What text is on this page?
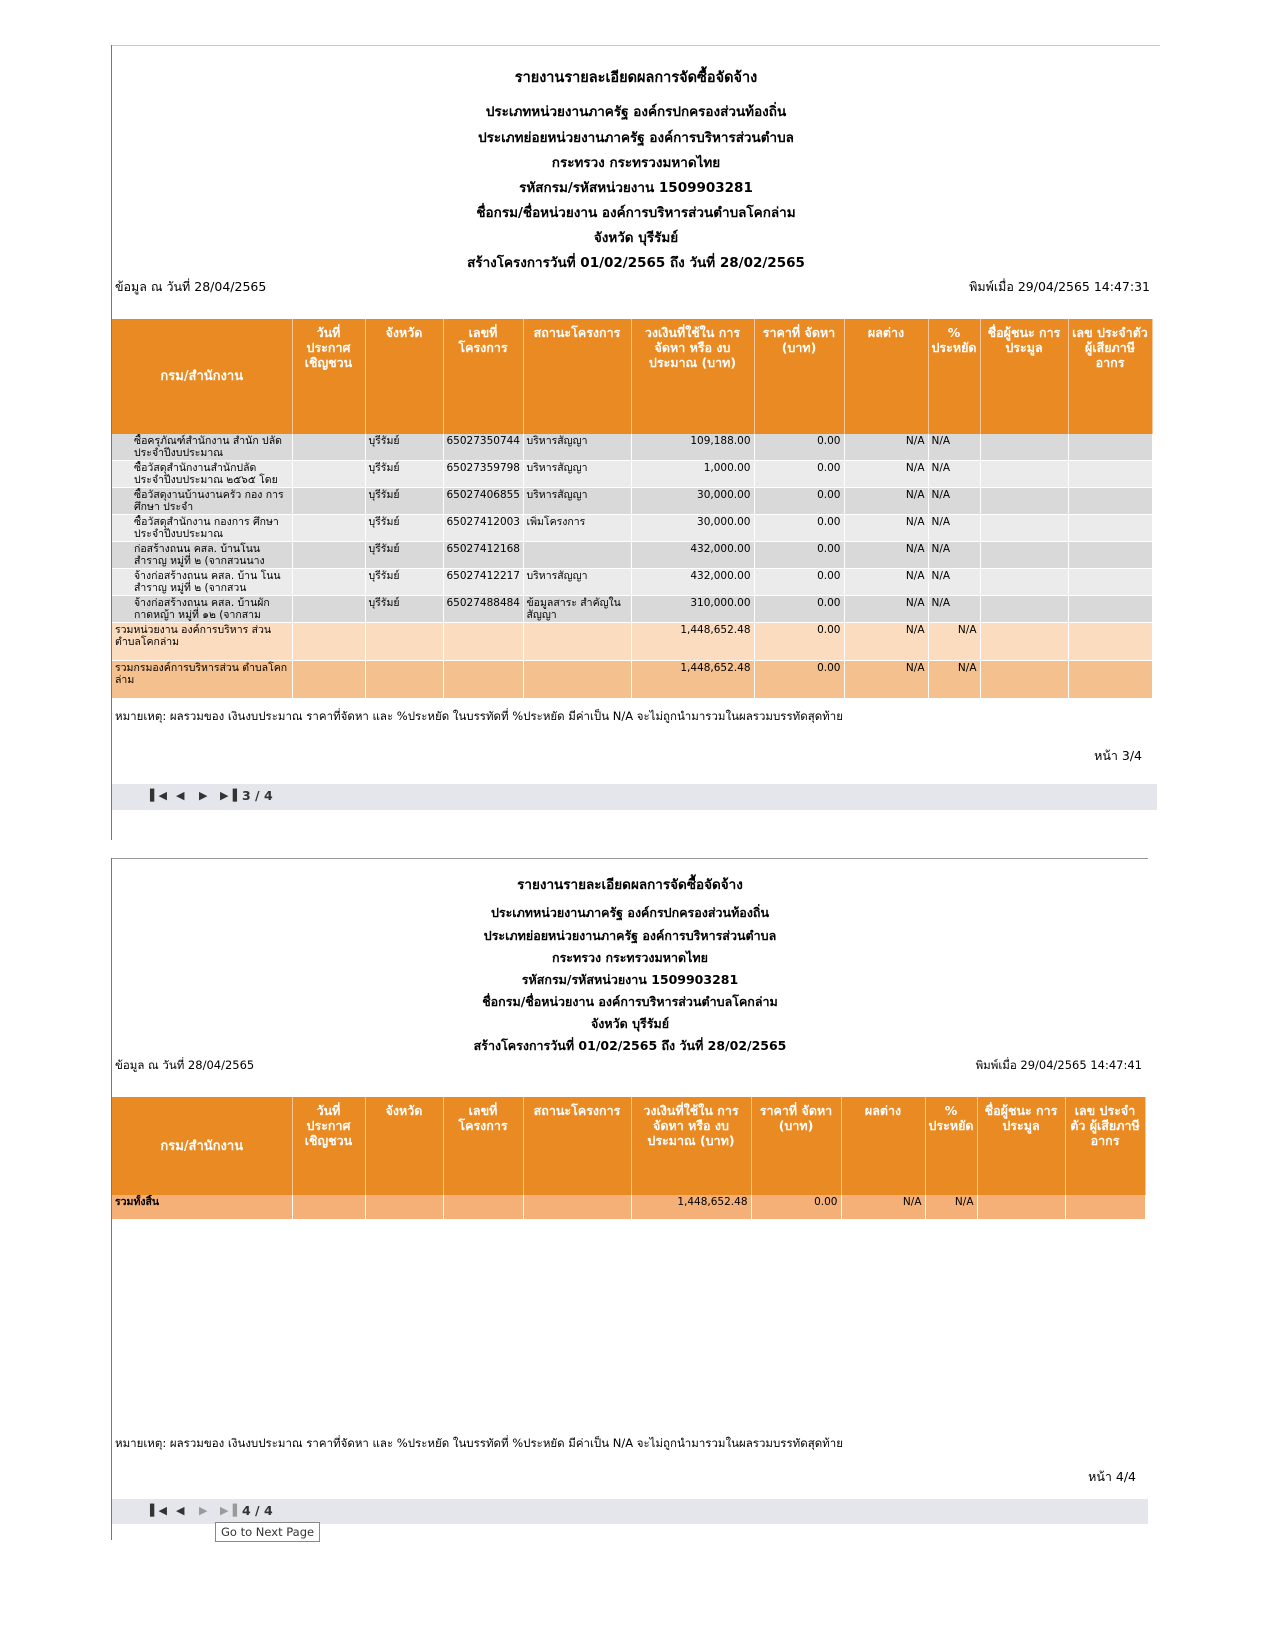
รายงานรายละเอียดผลการจัดซื้อจัดจ้าง
ประเภทหน่วยงานภาครัฐ องค์กรปกครองส่วนท้องถิ่น
ประเภทย่อยหน่วยงานภาครัฐ องค์การบริหารส่วนตำบล
กระทรวง กระทรวงมหาดไทย
รหัสกรม/รหัสหน่วยงาน 1509903281
ชื่อกรม/ชื่อหน่วยงาน องค์การบริหารส่วนตำบลโคกล่าม
จังหวัด บุรีรัมย์
สร้างโครงการวันที่ 01/02/2565 ถึง วันที่ 28/02/2565
ข้อมูล ณ วันที่ 28/04/2565	พิมพ์เมื่อ 29/04/2565 14:47:31
กรม/สำนักงาน	วันที่ ประกาศ เชิญชวน	จังหวัด	เลขที่ โครงการ	สถานะโครงการ	วงเงินที่ใช้ใน การจัดหา หรือ งบประมาณ (บาท)	ราคาที่ จัดหา (บาท)	ผลต่าง	% ประหยัด	ชื่อผู้ชนะ การประมูล	เลข ประจำตัว ผู้เสียภาษี อากร
ซื้อครุภัณฑ์สำนักงาน สำนัก ปลัด ประจำปีงบประมาณ		บุรีรัมย์	65027350744	บริหารสัญญา	109,188.00	0.00	N/A	N/A		
ซื้อวัสดุสำนักงานสำนักปลัด ประจำปีงบประมาณ ๒๕๖๕ โดย		บุรีรัมย์	65027359798	บริหารสัญญา	1,000.00	0.00	N/A	N/A		
ซื้อวัสดุงานบ้านงานครัว กอง การศึกษา ประจำ		บุรีรัมย์	65027406855	บริหารสัญญา	30,000.00	0.00	N/A	N/A		
ซื้อวัสดุสำนักงาน กองการ ศึกษา ประจำปีงบประมาณ		บุรีรัมย์	65027412003	เพิ่มโครงการ	30,000.00	0.00	N/A	N/A		
ก่อสร้างถนน คสล. บ้านโนน สำราญ หมู่ที่ ๒ (จากสวนนาง		บุรีรัมย์	65027412168		432,000.00	0.00	N/A	N/A		
จ้างก่อสร้างถนน คสล. บ้าน โนนสำราญ หมู่ที่ ๒ (จากสวน		บุรีรัมย์	65027412217	บริหารสัญญา	432,000.00	0.00	N/A	N/A		
จ้างก่อสร้างถนน คสล. บ้านผัก กาดหญ้า หมู่ที่ ๑๒ (จากสาม		บุรีรัมย์	65027488484	ข้อมูลสาระ สำคัญในสัญญา	310,000.00	0.00	N/A	N/A		
รวมหน่วยงาน องค์การบริหาร ส่วนตำบลโคกล่าม					1,448,652.48	0.00	N/A	N/A		
รวมกรมองค์การบริหารส่วน ตำบลโคกล่าม					1,448,652.48	0.00	N/A	N/A		
หมายเหตุ: ผลรวมของ เงินงบประมาณ ราคาที่จัดหา และ %ประหยัด ในบรรทัดที่ %ประหยัด มีค่าเป็น N/A จะไม่ถูกนำมารวมในผลรวมบรรทัดสุดท้าย
หน้า 3/4
▌◀ ◀ ▶ ▶▐ 3 / 4
รายงานรายละเอียดผลการจัดซื้อจัดจ้าง
ประเภทหน่วยงานภาครัฐ องค์กรปกครองส่วนท้องถิ่น
ประเภทย่อยหน่วยงานภาครัฐ องค์การบริหารส่วนตำบล
กระทรวง กระทรวงมหาดไทย
รหัสกรม/รหัสหน่วยงาน 1509903281
ชื่อกรม/ชื่อหน่วยงาน องค์การบริหารส่วนตำบลโคกล่าม
จังหวัด บุรีรัมย์
สร้างโครงการวันที่ 01/02/2565 ถึง วันที่ 28/02/2565
ข้อมูล ณ วันที่ 28/04/2565	พิมพ์เมื่อ 29/04/2565 14:47:41
กรม/สำนักงาน	วันที่ ประกาศ เชิญชวน	จังหวัด	เลขที่ โครงการ	สถานะโครงการ	วงเงินที่ใช้ใน การจัดหา หรือ งบประมาณ (บาท)	ราคาที่ จัดหา (บาท)	ผลต่าง	% ประหยัด	ชื่อผู้ชนะ การประมูล	เลข ประจำตัว ผู้เสียภาษี อากร
รวมทั้งสิ้น					1,448,652.48	0.00	N/A	N/A		
หมายเหตุ: ผลรวมของ เงินงบประมาณ ราคาที่จัดหา และ %ประหยัด ในบรรทัดที่ %ประหยัด มีค่าเป็น N/A จะไม่ถูกนำมารวมในผลรวมบรรทัดสุดท้าย
หน้า 4/4
▌◀ ◀ ▶ ▶▐ 4 / 4
Go to Next Page
